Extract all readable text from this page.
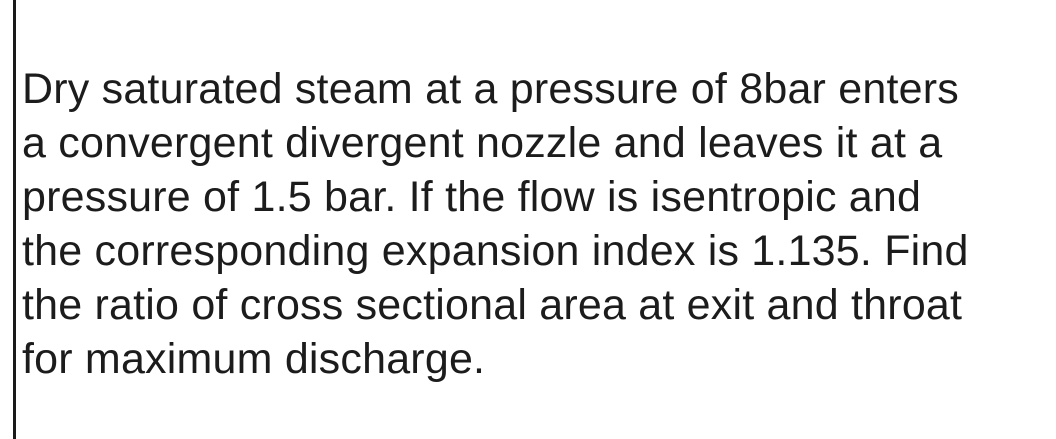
Dry saturated steam at a pressure of 8bar enters
a convergent divergent nozzle and leaves it at a
pressure of 1.5 bar. If the flow is isentropic and
the corresponding expansion index is 1.135. Find
the ratio of cross sectional area at exit and throat
for maximum discharge.
